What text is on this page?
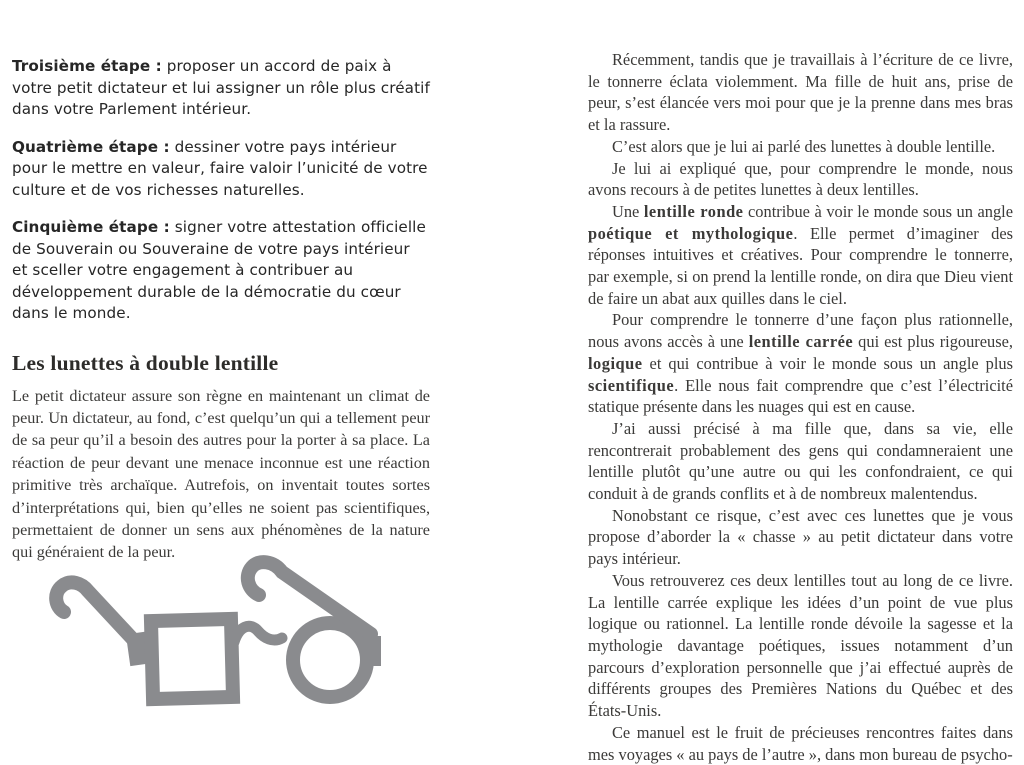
Troisième étape : proposer un accord de paix à votre petit dictateur et lui assigner un rôle plus créatif dans votre Parlement intérieur.

Quatrième étape : dessiner votre pays intérieur pour le mettre en valeur, faire valoir l’unicité de votre culture et de vos richesses naturelles.

Cinquième étape : signer votre attestation officielle de Souverain ou Souveraine de votre pays intérieur et sceller votre engagement à contribuer au développement durable de la démocratie du cœur dans le monde.

Les lunettes à double lentille

Le petit dictateur assure son règne en maintenant un climat de peur. Un dictateur, au fond, c’est quelqu’un qui a tellement peur de sa peur qu’il a besoin des autres pour la porter à sa place. La réaction de peur devant une menace inconnue est une réaction primitive très archaïque. Autrefois, on inventait toutes sortes d’interprétations qui, bien qu’elles ne soient pas scientifiques, permettaient de donner un sens aux phénomènes de la nature qui généraient de la peur.

Récemment, tandis que je travaillais à l’écriture de ce livre, le tonnerre éclata violemment. Ma fille de huit ans, prise de peur, s’est élancée vers moi pour que je la prenne dans mes bras et la rassure.

C’est alors que je lui ai parlé des lunettes à double lentille.

Je lui ai expliqué que, pour comprendre le monde, nous avons recours à de petites lunettes à deux lentilles.

Une lentille ronde contribue à voir le monde sous un angle poétique et mythologique. Elle permet d’imaginer des réponses intuitives et créatives. Pour comprendre le tonnerre, par exemple, si on prend la lentille ronde, on dira que Dieu vient de faire un abat aux quilles dans le ciel.

Pour comprendre le tonnerre d’une façon plus rationnelle, nous avons accès à une lentille carrée qui est plus rigoureuse, logique et qui contribue à voir le monde sous un angle plus scientifique. Elle nous fait comprendre que c’est l’électricité statique présente dans les nuages qui est en cause.

J’ai aussi précisé à ma fille que, dans sa vie, elle rencontrerait probablement des gens qui condamneraient une lentille plutôt qu’une autre ou qui les confondraient, ce qui conduit à de grands conflits et à de nombreux malentendus.

Nonobstant ce risque, c’est avec ces lunettes que je vous propose d’aborder la « chasse » au petit dictateur dans votre pays intérieur.

Vous retrouverez ces deux lentilles tout au long de ce livre. La lentille carrée explique les idées d’un point de vue plus logique ou rationnel. La lentille ronde dévoile la sagesse et la mythologie davantage poétiques, issues notamment d’un parcours d’exploration personnelle que j’ai effectué auprès de différents groupes des Premières Nations du Québec et des États-Unis.

Ce manuel est le fruit de précieuses rencontres faites dans mes voyages « au pays de l’autre », dans mon bureau de psycho-
